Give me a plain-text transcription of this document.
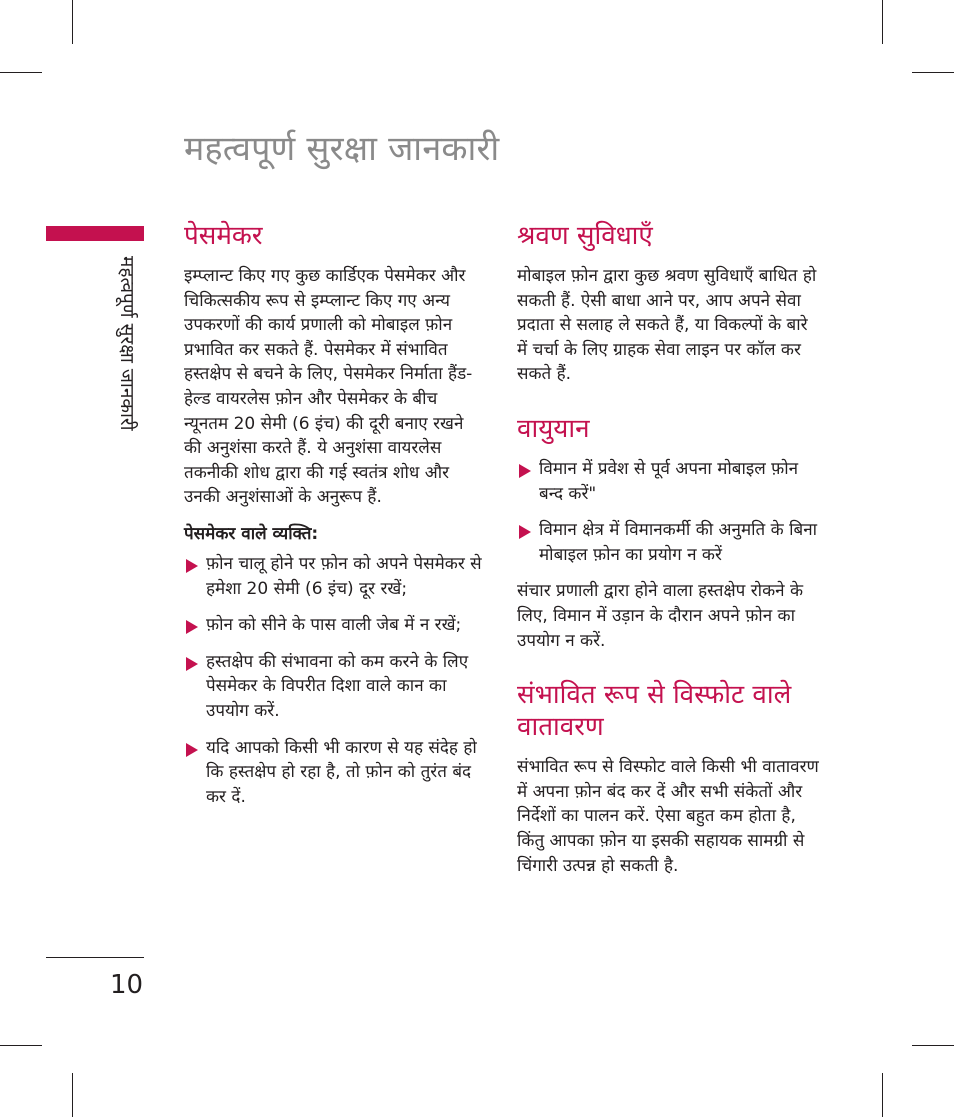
महत्वपूर्ण सुरक्षा जानकारी
महत्वपूर्ण सुरक्षा जानकारी
10
पेसमेकर

इम्प्लान्ट किए गए कुछ कार्डिएक पेसमेकर और चिकित्सकीय रूप से इम्प्लान्ट किए गए अन्य उपकरणों की कार्य प्रणाली को मोबाइल फ़ोन प्रभावित कर सकते हैं. पेसमेकर में संभावित हस्तक्षेप से बचने के लिए, पेसमेकर निर्माता हैंड-हेल्ड वायरलेस फ़ोन और पेसमेकर के बीच न्यूनतम 20 सेमी (6 इंच) की दूरी बनाए रखने की अनुशंसा करते हैं. ये अनुशंसा वायरलेस तकनीकी शोध द्वारा की गई स्वतंत्र शोध और उनकी अनुशंसाओं के अनुरूप हैं.

पेसमेकर वाले व्यक्ति:
फ़ोन चालू होने पर फ़ोन को अपने पेसमेकर से हमेशा 20 सेमी (6 इंच) दूर रखें;
फ़ोन को सीने के पास वाली जेब में न रखें;
हस्तक्षेप की संभावना को कम करने के लिए पेसमेकर के विपरीत दिशा वाले कान का उपयोग करें.
यदि आपको किसी भी कारण से यह संदेह हो कि हस्तक्षेप हो रहा है, तो फ़ोन को तुरंत बंद कर दें.
श्रवण सुविधाएँ

मोबाइल फ़ोन द्वारा कुछ श्रवण सुविधाएँ बाधित हो सकती हैं. ऐसी बाधा आने पर, आप अपने सेवा प्रदाता से सलाह ले सकते हैं, या विकल्पों के बारे में चर्चा के लिए ग्राहक सेवा लाइन पर कॉल कर सकते हैं.

वायुयान
विमान में प्रवेश से पूर्व अपना मोबाइल फ़ोन बन्द करें"
विमान क्षेत्र में विमानकर्मी की अनुमति के बिना मोबाइल फ़ोन का प्रयोग न करें

संचार प्रणाली द्वारा होने वाला हस्तक्षेप रोकने के लिए, विमान में उड़ान के दौरान अपने फ़ोन का उपयोग न करें.

संभावित रूप से विस्फोट वाले वातावरण

संभावित रूप से विस्फोट वाले किसी भी वातावरण में अपना फ़ोन बंद कर दें और सभी संकेतों और निर्देशों का पालन करें. ऐसा बहुत कम होता है, किंतु आपका फ़ोन या इसकी सहायक सामग्री से चिंगारी उत्पन्न हो सकती है.
